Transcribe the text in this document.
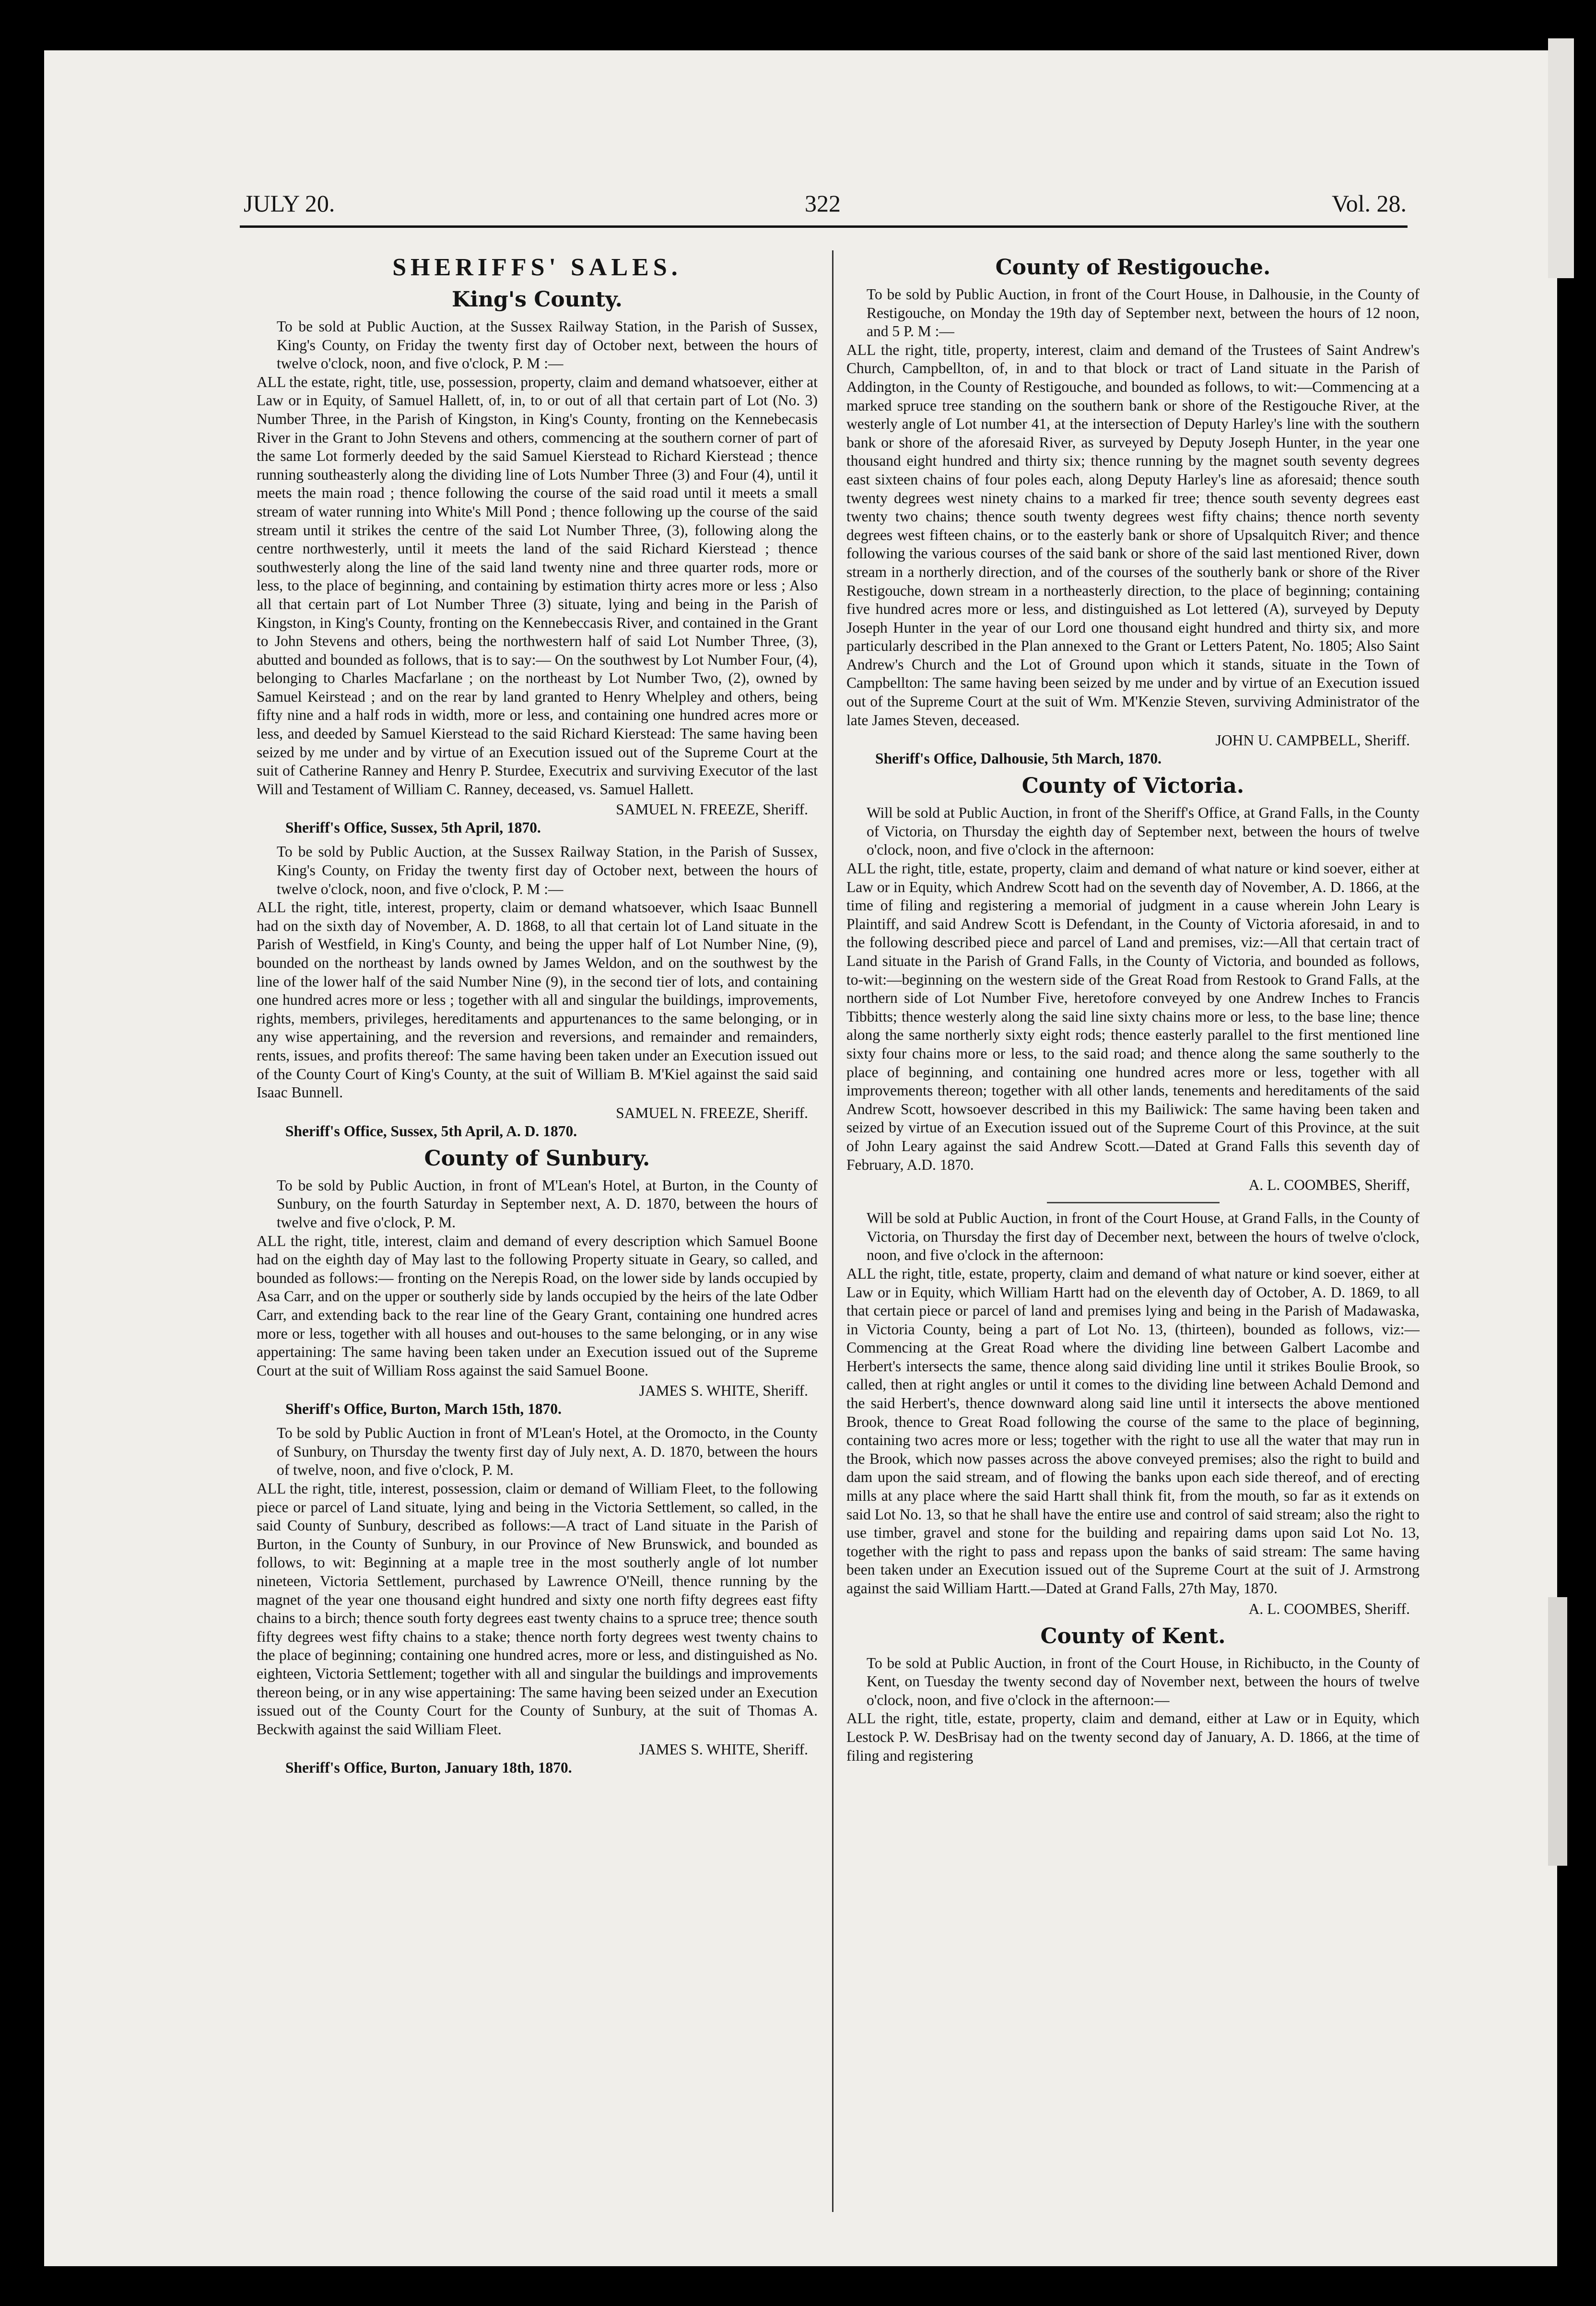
JULY 20.	322	Vol. 28.
SHERIFFS' SALES.
King's County.

To be sold at Public Auction, at the Sussex Railway Station, in the Parish of Sussex, King's County, on Friday the twenty first day of October next, between the hours of twelve o'clock, noon, and five o'clock, P. M :—

ALL the estate, right, title, use, possession, property, claim and demand whatsoever, either at Law or in Equity, of Samuel Hallett, of, in, to or out of all that certain part of Lot (No. 3) Number Three, in the Parish of Kingston, in King's County, fronting on the Kennebecasis River in the Grant to John Stevens and others, commencing at the southern corner of part of the same Lot formerly deeded by the said Samuel Kierstead to Richard Kierstead ; thence running southeasterly along the dividing line of Lots Number Three (3) and Four (4), until it meets the main road ; thence following the course of the said road until it meets a small stream of water running into White's Mill Pond ; thence following up the course of the said stream until it strikes the centre of the said Lot Number Three, (3), following along the centre northwesterly, until it meets the land of the said Richard Kierstead ; thence southwesterly along the line of the said land twenty nine and three quarter rods, more or less, to the place of beginning, and containing by estimation thirty acres more or less ; Also all that certain part of Lot Number Three (3) situate, lying and being in the Parish of Kingston, in King's County, fronting on the Kennebeccasis River, and contained in the Grant to John Stevens and others, being the northwestern half of said Lot Number Three, (3), abutted and bounded as follows, that is to say:— On the southwest by Lot Number Four, (4), belonging to Charles Macfarlane ; on the northeast by Lot Number Two, (2), owned by Samuel Keirstead ; and on the rear by land granted to Henry Whelpley and others, being fifty nine and a half rods in width, more or less, and containing one hundred acres more or less, and deeded by Samuel Kierstead to the said Richard Kierstead: The same having been seized by me under and by virtue of an Execution issued out of the Supreme Court at the suit of Catherine Ranney and Henry P. Sturdee, Executrix and surviving Executor of the last Will and Testament of William C. Ranney, deceased, vs. Samuel Hallett.

SAMUEL N. FREEZE, Sheriff.
Sheriff's Office, Sussex, 5th April, 1870.

To be sold by Public Auction, at the Sussex Railway Station, in the Parish of Sussex, King's County, on Friday the twenty first day of October next, between the hours of twelve o'clock, noon, and five o'clock, P. M :—

ALL the right, title, interest, property, claim or demand whatsoever, which Isaac Bunnell had on the sixth day of November, A. D. 1868, to all that certain lot of Land situate in the Parish of Westfield, in King's County, and being the upper half of Lot Number Nine, (9), bounded on the northeast by lands owned by James Weldon, and on the southwest by the line of the lower half of the said Number Nine (9), in the second tier of lots, and containing one hundred acres more or less ; together with all and singular the buildings, improvements, rights, members, privileges, hereditaments and appurtenances to the same belonging, or in any wise appertaining, and the reversion and reversions, and remainder and remainders, rents, issues, and profits thereof: The same having been taken under an Execution issued out of the County Court of King's County, at the suit of William B. M'Kiel against the said said Isaac Bunnell.

SAMUEL N. FREEZE, Sheriff.
Sheriff's Office, Sussex, 5th April, A. D. 1870.
County of Sunbury.

To be sold by Public Auction, in front of M'Lean's Hotel, at Burton, in the County of Sunbury, on the fourth Saturday in September next, A. D. 1870, between the hours of twelve and five o'clock, P. M.

ALL the right, title, interest, claim and demand of every description which Samuel Boone had on the eighth day of May last to the following Property situate in Geary, so called, and bounded as follows:— fronting on the Nerepis Road, on the lower side by lands occupied by Asa Carr, and on the upper or southerly side by lands occupied by the heirs of the late Odber Carr, and extending back to the rear line of the Geary Grant, containing one hundred acres more or less, together with all houses and out-houses to the same belonging, or in any wise appertaining: The same having been taken under an Execution issued out of the Supreme Court at the suit of William Ross against the said Samuel Boone.

JAMES S. WHITE, Sheriff.
Sheriff's Office, Burton, March 15th, 1870.

To be sold by Public Auction in front of M'Lean's Hotel, at the Oromocto, in the County of Sunbury, on Thursday the twenty first day of July next, A. D. 1870, between the hours of twelve, noon, and five o'clock, P. M.

ALL the right, title, interest, possession, claim or demand of William Fleet, to the following piece or parcel of Land situate, lying and being in the Victoria Settlement, so called, in the said County of Sunbury, described as follows:—A tract of Land situate in the Parish of Burton, in the County of Sunbury, in our Province of New Brunswick, and bounded as follows, to wit: Beginning at a maple tree in the most southerly angle of lot number nineteen, Victoria Settlement, purchased by Lawrence O'Neill, thence running by the magnet of the year one thousand eight hundred and sixty one north fifty degrees east fifty chains to a birch; thence south forty degrees east twenty chains to a spruce tree; thence south fifty degrees west fifty chains to a stake; thence north forty degrees west twenty chains to the place of beginning; containing one hundred acres, more or less, and distinguished as No. eighteen, Victoria Settlement; together with all and singular the buildings and improvements thereon being, or in any wise appertaining: The same having been seized under an Execution issued out of the County Court for the County of Sunbury, at the suit of Thomas A. Beckwith against the said William Fleet.

JAMES S. WHITE, Sheriff.
Sheriff's Office, Burton, January 18th, 1870.
County of Restigouche.

To be sold by Public Auction, in front of the Court House, in Dalhousie, in the County of Restigouche, on Monday the 19th day of September next, between the hours of 12 noon, and 5 P. M :—

ALL the right, title, property, interest, claim and demand of the Trustees of Saint Andrew's Church, Campbellton, of, in and to that block or tract of Land situate in the Parish of Addington, in the County of Restigouche, and bounded as follows, to wit:—Commencing at a marked spruce tree standing on the southern bank or shore of the Restigouche River, at the westerly angle of Lot number 41, at the intersection of Deputy Harley's line with the southern bank or shore of the aforesaid River, as surveyed by Deputy Joseph Hunter, in the year one thousand eight hundred and thirty six; thence running by the magnet south seventy degrees east sixteen chains of four poles each, along Deputy Harley's line as aforesaid; thence south twenty degrees west ninety chains to a marked fir tree; thence south seventy degrees east twenty two chains; thence south twenty degrees west fifty chains; thence north seventy degrees west fifteen chains, or to the easterly bank or shore of Upsalquitch River; and thence following the various courses of the said bank or shore of the said last mentioned River, down stream in a northerly direction, and of the courses of the southerly bank or shore of the River Restigouche, down stream in a northeasterly direction, to the place of beginning; containing five hundred acres more or less, and distinguished as Lot lettered (A), surveyed by Deputy Joseph Hunter in the year of our Lord one thousand eight hundred and thirty six, and more particularly described in the Plan annexed to the Grant or Letters Patent, No. 1805; Also Saint Andrew's Church and the Lot of Ground upon which it stands, situate in the Town of Campbellton: The same having been seized by me under and by virtue of an Execution issued out of the Supreme Court at the suit of Wm. M'Kenzie Steven, surviving Administrator of the late James Steven, deceased.

JOHN U. CAMPBELL, Sheriff.
Sheriff's Office, Dalhousie, 5th March, 1870.
County of Victoria.

Will be sold at Public Auction, in front of the Sheriff's Office, at Grand Falls, in the County of Victoria, on Thursday the eighth day of September next, between the hours of twelve o'clock, noon, and five o'clock in the afternoon:

ALL the right, title, estate, property, claim and demand of what nature or kind soever, either at Law or in Equity, which Andrew Scott had on the seventh day of November, A. D. 1866, at the time of filing and registering a memorial of judgment in a cause wherein John Leary is Plaintiff, and said Andrew Scott is Defendant, in the County of Victoria aforesaid, in and to the following described piece and parcel of Land and premises, viz:—All that certain tract of Land situate in the Parish of Grand Falls, in the County of Victoria, and bounded as follows, to-wit:—beginning on the western side of the Great Road from Restook to Grand Falls, at the northern side of Lot Number Five, heretofore conveyed by one Andrew Inches to Francis Tibbitts; thence westerly along the said line sixty chains more or less, to the base line; thence along the same northerly sixty eight rods; thence easterly parallel to the first mentioned line sixty four chains more or less, to the said road; and thence along the same southerly to the place of beginning, and containing one hundred acres more or less, together with all improvements thereon; together with all other lands, tenements and hereditaments of the said Andrew Scott, howsoever described in this my Bailiwick: The same having been taken and seized by virtue of an Execution issued out of the Supreme Court of this Province, at the suit of John Leary against the said Andrew Scott.—Dated at Grand Falls this seventh day of February, A.D. 1870.

A. L. COOMBES, Sheriff,

Will be sold at Public Auction, in front of the Court House, at Grand Falls, in the County of Victoria, on Thursday the first day of December next, between the hours of twelve o'clock, noon, and five o'clock in the afternoon:

ALL the right, title, estate, property, claim and demand of what nature or kind soever, either at Law or in Equity, which William Hartt had on the eleventh day of October, A. D. 1869, to all that certain piece or parcel of land and premises lying and being in the Parish of Madawaska, in Victoria County, being a part of Lot No. 13, (thirteen), bounded as follows, viz:—Commencing at the Great Road where the dividing line between Galbert Lacombe and Herbert's intersects the same, thence along said dividing line until it strikes Boulie Brook, so called, then at right angles or until it comes to the dividing line between Achald Demond and the said Herbert's, thence downward along said line until it intersects the above mentioned Brook, thence to Great Road following the course of the same to the place of beginning, containing two acres more or less; together with the right to use all the water that may run in the Brook, which now passes across the above conveyed premises; also the right to build and dam upon the said stream, and of flowing the banks upon each side thereof, and of erecting mills at any place where the said Hartt shall think fit, from the mouth, so far as it extends on said Lot No. 13, so that he shall have the entire use and control of said stream; also the right to use timber, gravel and stone for the building and repairing dams upon said Lot No. 13, together with the right to pass and repass upon the banks of said stream: The same having been taken under an Execution issued out of the Supreme Court at the suit of J. Armstrong against the said William Hartt.—Dated at Grand Falls, 27th May, 1870.

A. L. COOMBES, Sheriff.
County of Kent.

To be sold at Public Auction, in front of the Court House, in Richibucto, in the County of Kent, on Tuesday the twenty second day of November next, between the hours of twelve o'clock, noon, and five o'clock in the afternoon:—

ALL the right, title, estate, property, claim and demand, either at Law or in Equity, which Lestock P. W. DesBrisay had on the twenty second day of January, A. D. 1866, at the time of filing and registering
